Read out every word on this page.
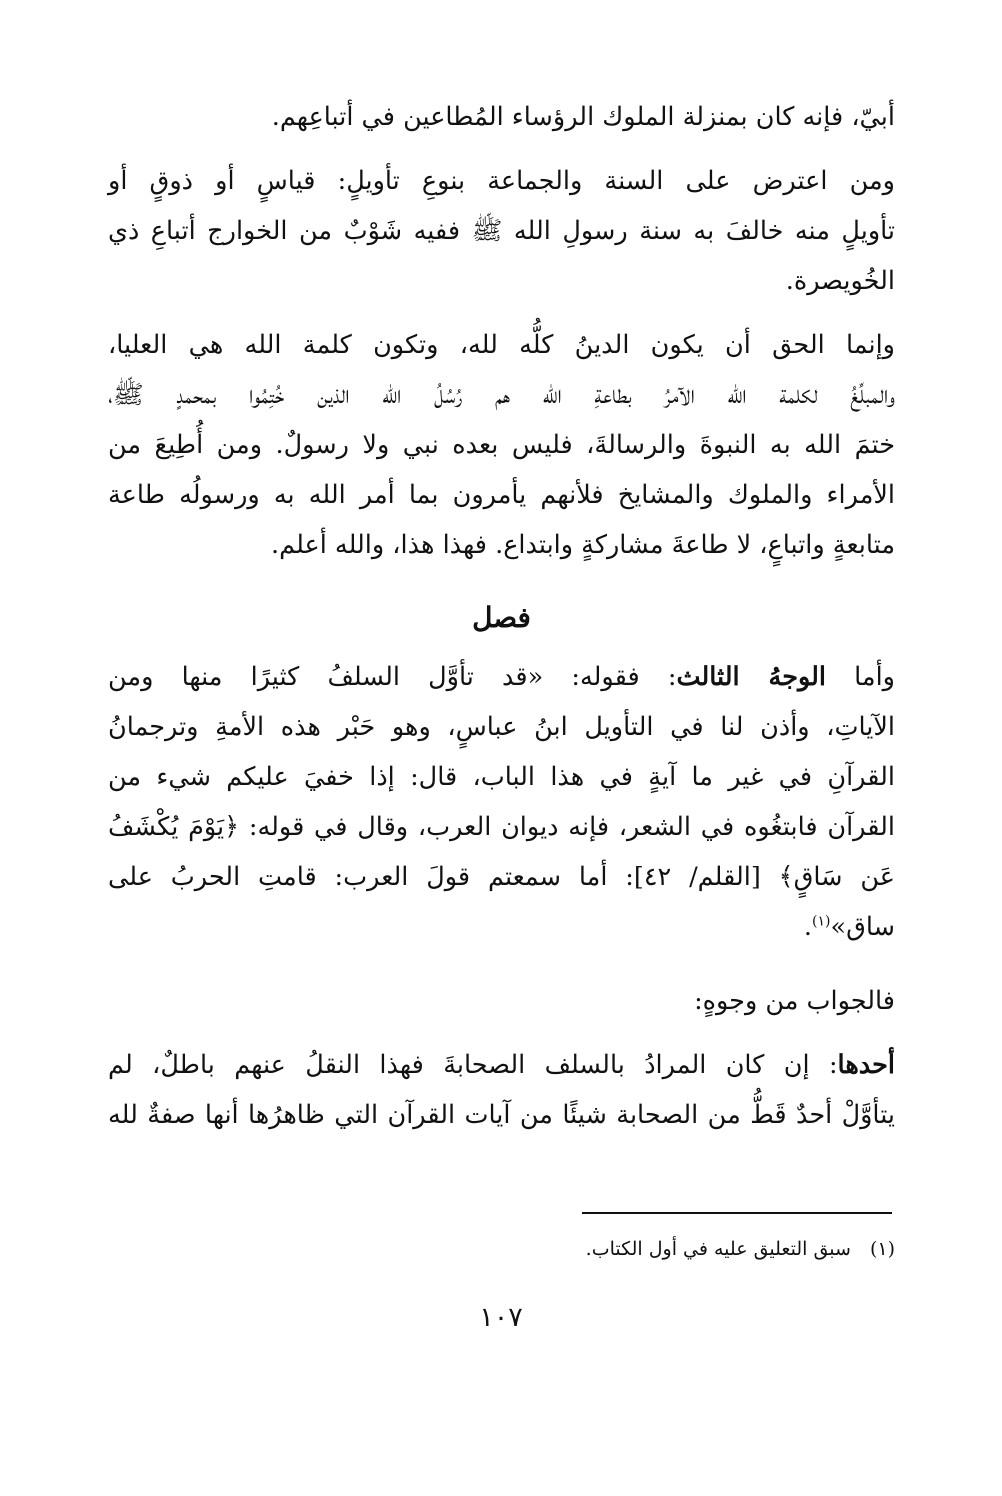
أبيّ، فإنه كان بمنزلة الملوك الرؤساء المُطاعين في أتباعِهم.
ومن اعترض على السنة والجماعة بنوعِ تأويلٍ: قياسٍ أو ذوقٍ أو
تأويلٍ منه خالفَ به سنة رسولِ الله ﷺ ففيه شَوْبٌ من الخوارج أتباعِ ذي
الخُويصرة.
وإنما الحق أن يكون الدينُ كلُّه لله، وتكون كلمة الله هي العليا،
والمبلِّغُ لكلمة الله الآمرُ بطاعةِ الله هم رُسُلُ الله الذين خُتِمُوا بمحمدٍ ﷺ،
ختمَ الله به النبوةَ والرسالةَ، فليس بعده نبي ولا رسولٌ. ومن أُطِيعَ من
الأمراء والملوك والمشايخ فلأنهم يأمرون بما أمر الله به ورسولُه طاعة
متابعةٍ واتباعٍ، لا طاعةَ مشاركةٍ وابتداع. فهذا هذا، والله أعلم.
فصل
وأما الوجهُ الثالث: فقوله: «قد تأوَّل السلفُ كثيرًا منها ومن
الآياتِ، وأذن لنا في التأويل ابنُ عباسٍ، وهو حَبْر هذه الأمةِ وترجمانُ
القرآنِ في غير ما آيةٍ في هذا الباب، قال: إذا خفيَ عليكم شيء من
القرآن فابتغُوه في الشعر، فإنه ديوان العرب، وقال في قوله: ﴿يَوْمَ يُكْشَفُ
عَن سَاقٍ﴾ [القلم/ ٤٢]: أما سمعتم قولَ العرب: قامتِ الحربُ على
ساق»$^{(١)}$.
فالجواب من وجوهٍ:
أحدها: إن كان المرادُ بالسلف الصحابةَ فهذا النقلُ عنهم باطلٌ، لم
يتأوَّلْ أحدٌ قَطُّ من الصحابة شيئًا من آيات القرآن التي ظاهرُها أنها صفةٌ لله
(١) سبق التعليق عليه في أول الكتاب.
١٠٧
